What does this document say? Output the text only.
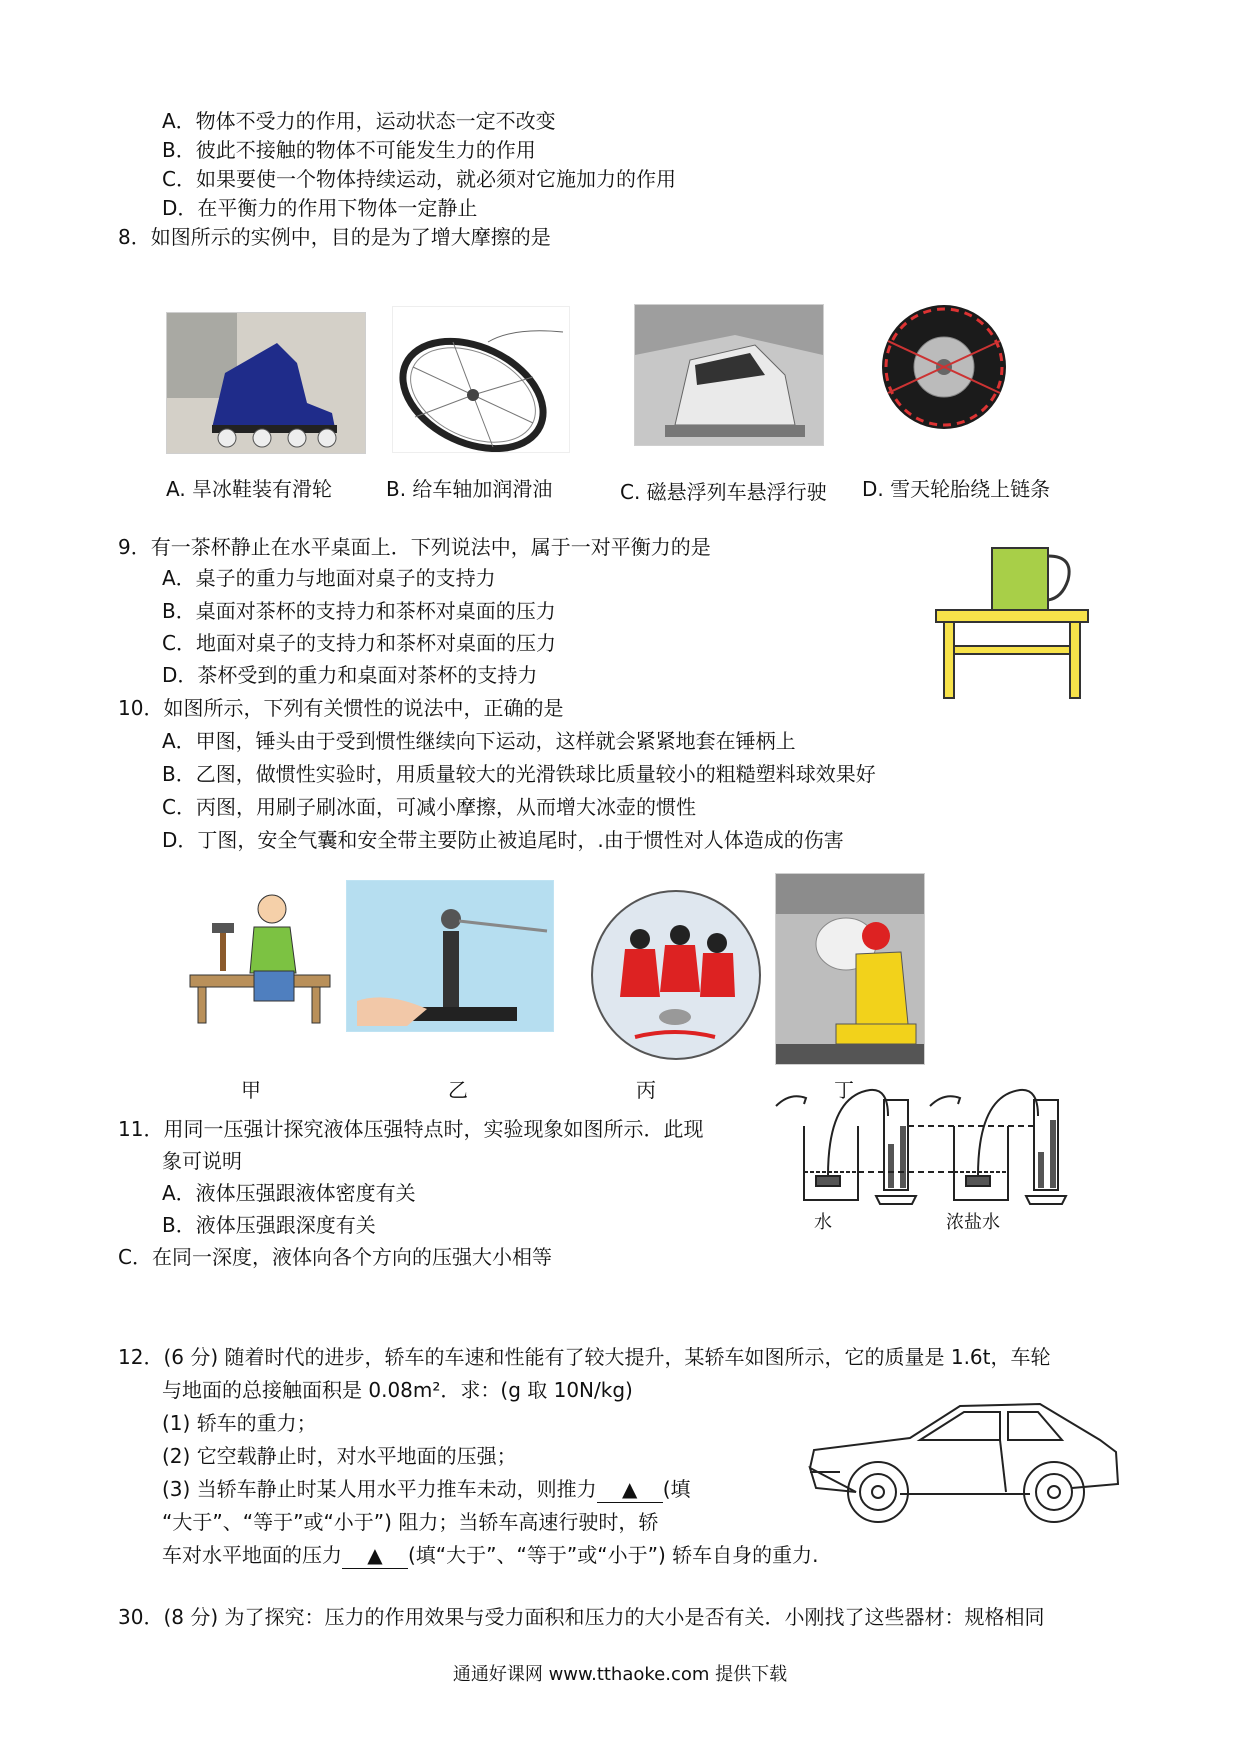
A．物体不受力的作用，运动状态一定不改变
B．彼此不接触的物体不可能发生力的作用
C．如果要使一个物体持续运动，就必须对它施加力的作用
D．在平衡力的作用下物体一定静止
8．如图所示的实例中，目的是为了增大摩擦的是
A. 旱冰鞋装有滑轮	B. 给车轴加润滑油	C. 磁悬浮列车悬浮行驶 D. 雪天轮胎绕上链条
9．有一茶杯静止在水平桌面上．下列说法中，属于一对平衡力的是
A．桌子的重力与地面对桌子的支持力
B．桌面对茶杯的支持力和茶杯对桌面的压力
C．地面对桌子的支持力和茶杯对桌面的压力
D．茶杯受到的重力和桌面对茶杯的支持力
10．如图所示，下列有关惯性的说法中，正确的是
A．甲图，锤头由于受到惯性继续向下运动，这样就会紧紧地套在锤柄上
B．乙图，做惯性实验时，用质量较大的光滑铁球比质量较小的粗糙塑料球效果好
C．丙图，用刷子刷冰面，可减小摩擦，从而增大冰壶的惯性
D．丁图，安全气囊和安全带主要防止被追尾时，.由于惯性对人体造成的伤害
甲	乙	丙	丁
11．用同一压强计探究液体压强特点时，实验现象如图所示．此现
象可说明
A．液体压强跟液体密度有关
B．液体压强跟深度有关
C．在同一深度，液体向各个方向的压强大小相等
水	浓盐水
12．(6 分) 随着时代的进步，轿车的车速和性能有了较大提升，某轿车如图所示，它的质量是 1.6t，车轮
与地面的总接触面积是 0.08m²．求：(g 取 10N/kg)
(1) 轿车的重力；
(2) 它空载静止时，对水平地面的压强；
(3) 当轿车静止时某人用水平力推车未动，则推力 ▲ (填
“大于”、“等于”或“小于”) 阻力；当轿车高速行驶时，轿
车对水平地面的压力 ▲ (填“大于”、“等于”或“小于”) 轿车自身的重力.
30．(8 分) 为了探究：压力的作用效果与受力面积和压力的大小是否有关．小刚找了这些器材：规格相同
通通好课网 www.tthaoke.com 提供下载
